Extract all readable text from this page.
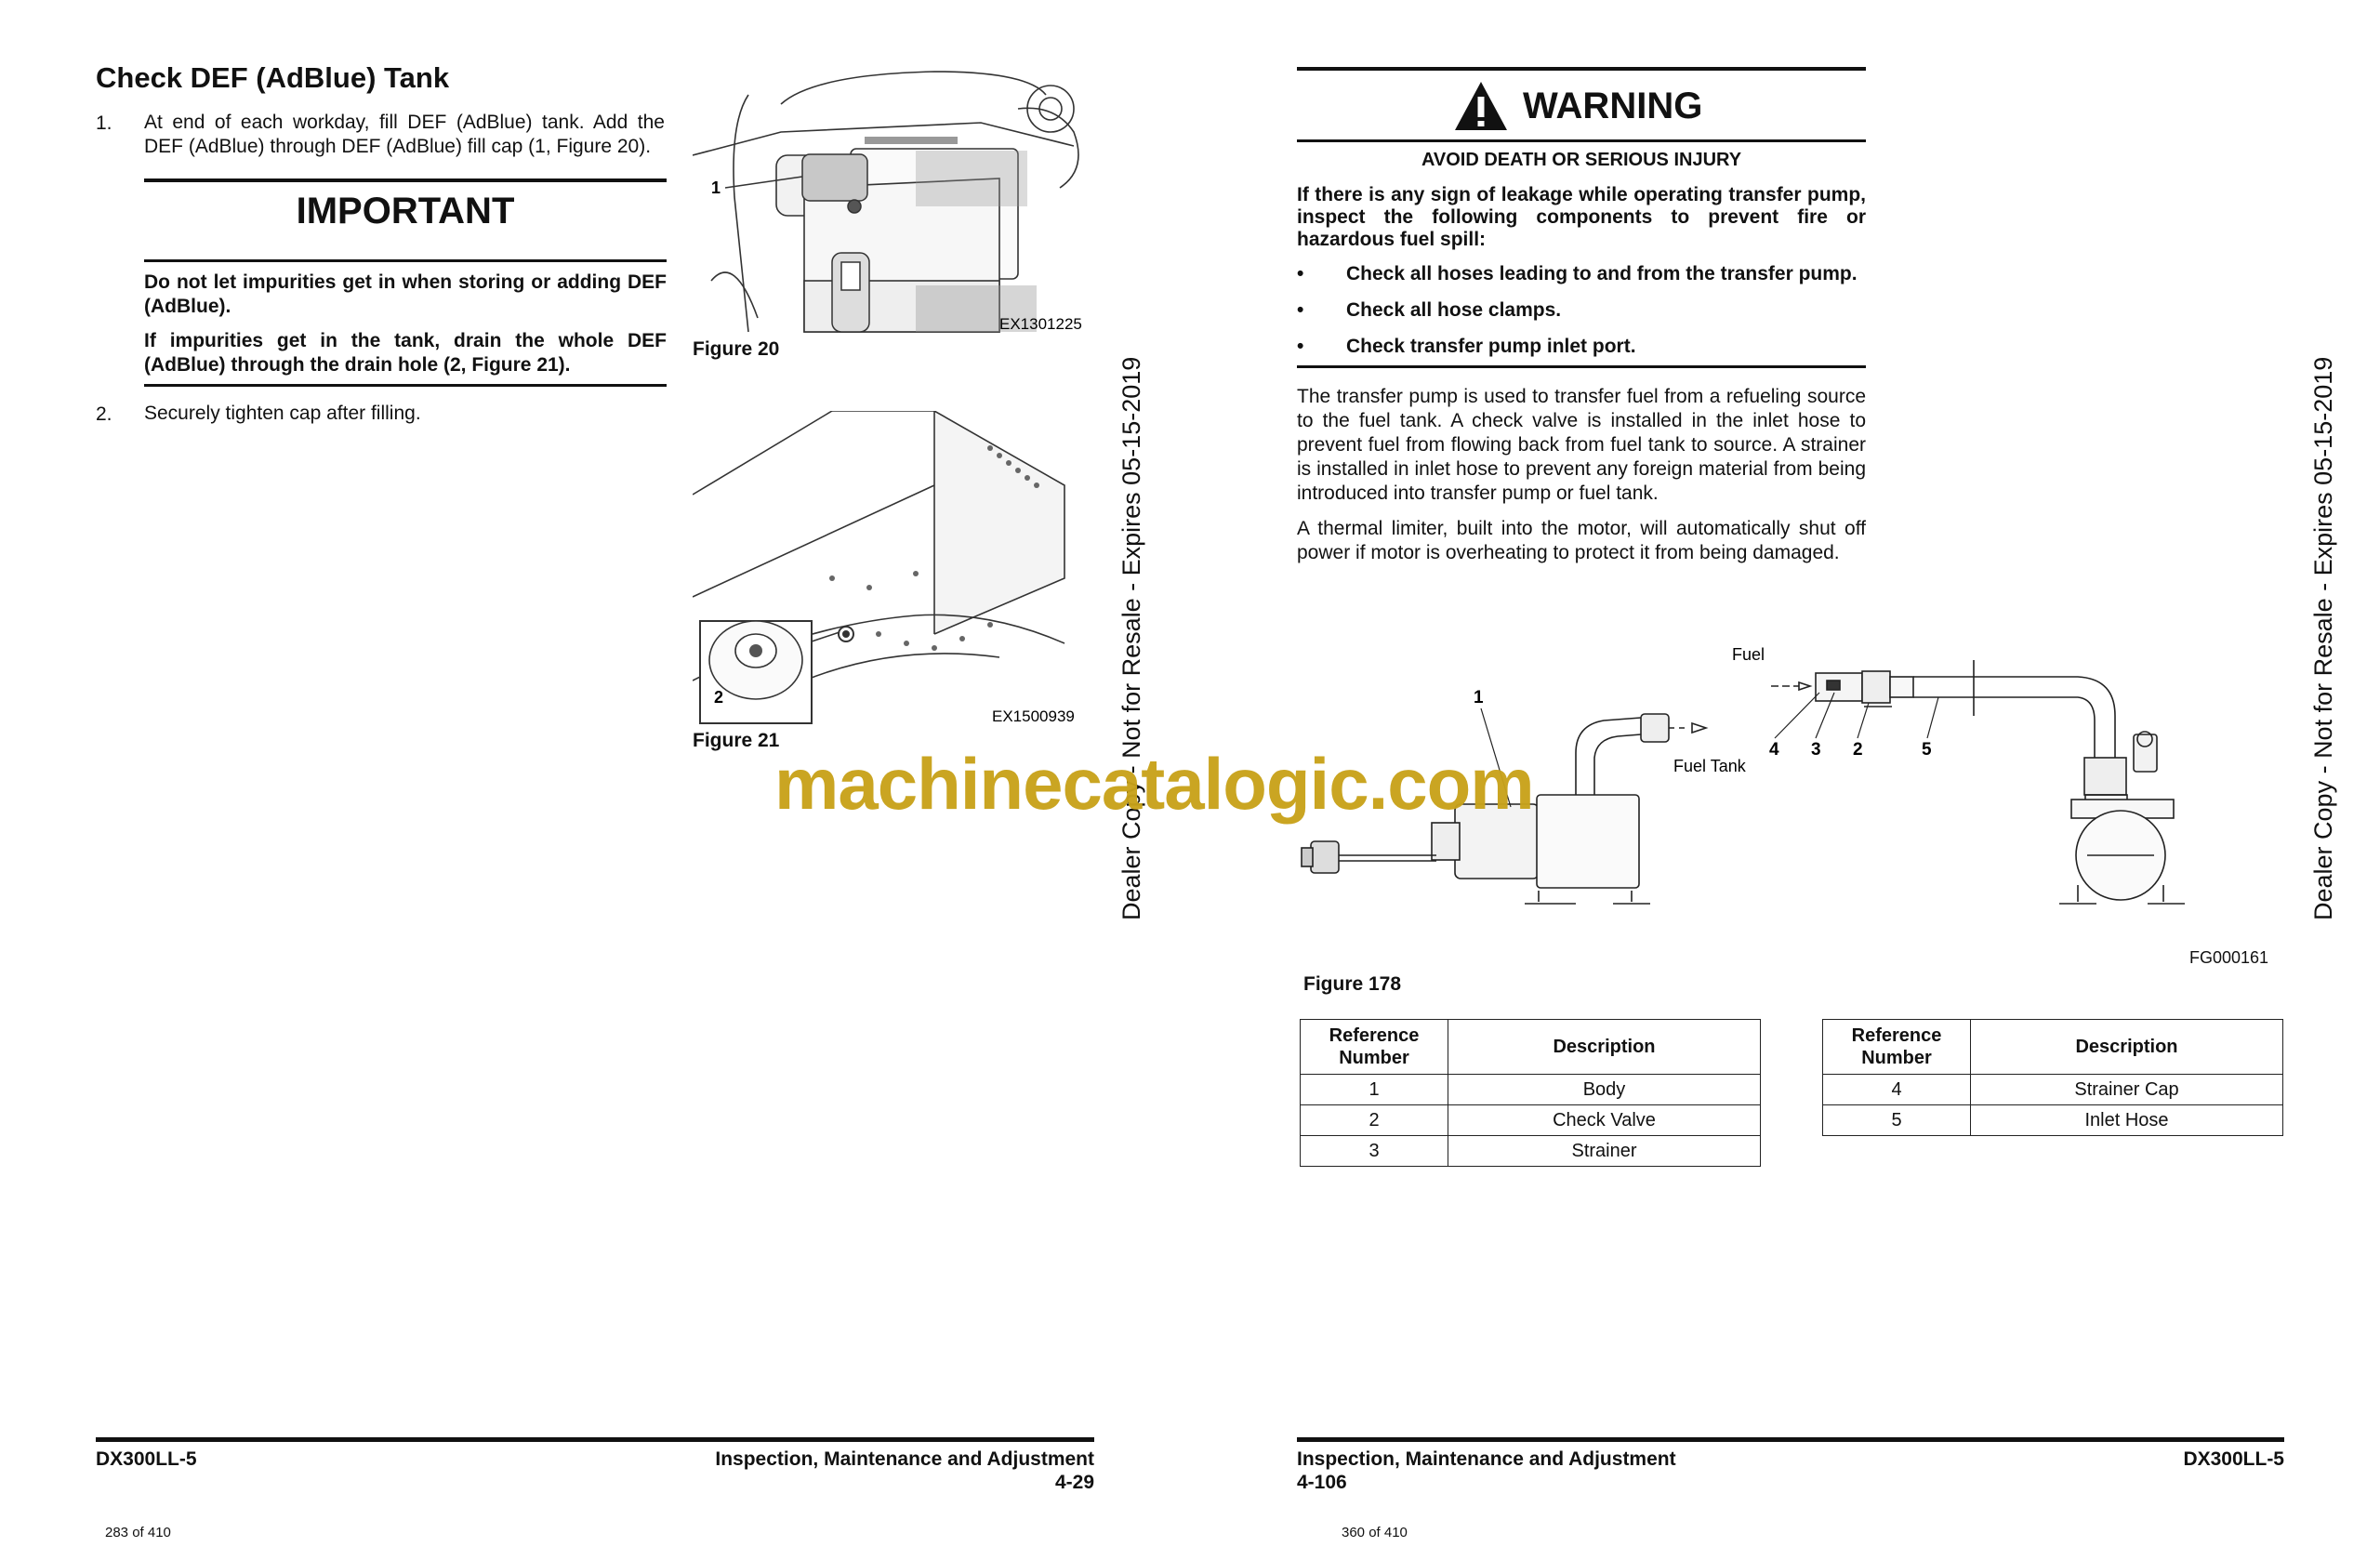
Check DEF (AdBlue) Tank
1. At end of each workday, fill DEF (AdBlue) tank. Add the DEF (AdBlue) through DEF (AdBlue) fill cap (1, Figure 20).
IMPORTANT
Do not let impurities get in when storing or adding DEF (AdBlue).
If impurities get in the tank, drain the whole DEF (AdBlue) through the drain hole (2, Figure 21).
2. Securely tighten cap after filling.
1
EX1301225
Figure 20
2
EX1500939
Figure 21
DX300LL-5	Inspection, Maintenance and Adjustment
4-29
283 of 410
Dealer Copy - Not for Resale - Expires 05-15-2019
WARNING
AVOID DEATH OR SERIOUS INJURY
If there is any sign of leakage while operating transfer pump, inspect the following components to prevent fire or hazardous fuel spill:
• Check all hoses leading to and from the transfer pump.
• Check all hose clamps.
• Check transfer pump inlet port.
The transfer pump is used to transfer fuel from a refueling source to the fuel tank. A check valve is installed in the inlet hose to prevent fuel from flowing back from fuel tank to source. A strainer is installed in inlet hose to prevent any foreign material from being introduced into transfer pump or fuel tank.
A thermal limiter, built into the motor, will automatically shut off power if motor is overheating to protect it from being damaged.
Fuel
Fuel Tank
1
4 3 2	5
FG000161
Figure 178
Reference Number	Description
1	Body
2	Check Valve
3	Strainer
Reference Number	Description
4	Strainer Cap
5	Inlet Hose
Inspection, Maintenance and Adjustment
4-106
DX300LL-5
360 of 410
Dealer Copy - Not for Resale - Expires 05-15-2019
machinecatalogic.com
